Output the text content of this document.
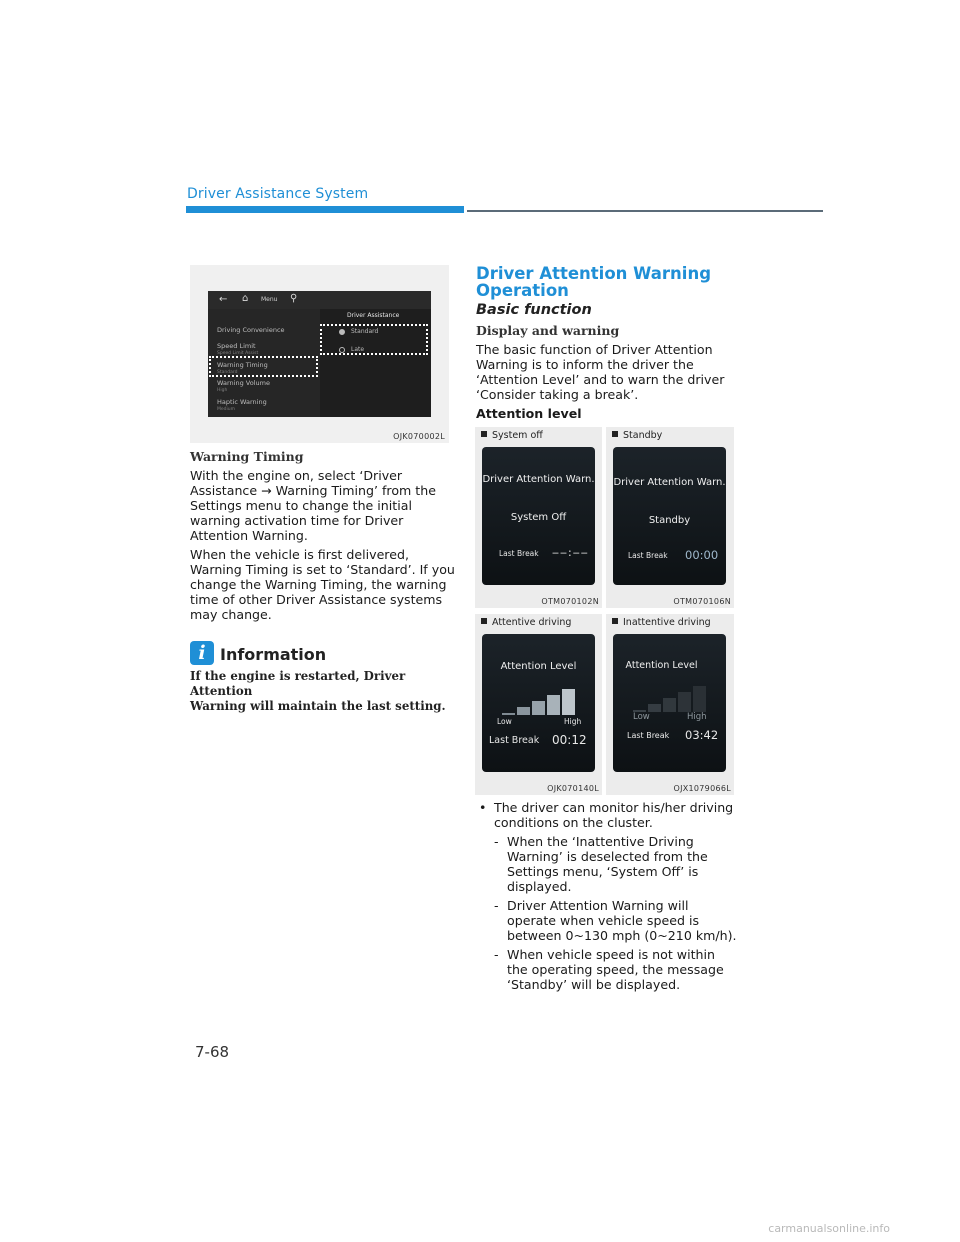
Driver Assistance System
← ⌂ Menu ⚲
Driving Convenience
Speed Limit
Speed Limit Assist
Warning Timing
Standard
Warning Volume
High
Haptic Warning
Medium
Driver Assistance
Standard
Late
OJK070002L
Warning Timing
With the engine on, select ‘Driver
Assistance → Warning Timing’ from the
Settings menu to change the initial
warning activation time for Driver
Attention Warning.
When the vehicle is first delivered,
Warning Timing is set to ‘Standard’. If you
change the Warning Timing, the warning
time of other Driver Assistance systems
may change.
i Information
If the engine is restarted, Driver Attention
Warning will maintain the last setting.
Driver Attention Warning
Operation
Basic function
Display and warning
The basic function of Driver Attention
Warning is to inform the driver the
‘Attention Level’ and to warn the driver
‘Consider taking a break’.
Attention level
System off
Driver Attention Warn.
System Off
Last Break ‒‒:‒‒
OTM070102N
Standby
Driver Attention Warn.
Standby
Last Break 00:00
OTM070106N
Attentive driving
Attention Level
Low	High
Last Break 00:12
OJK070140L
Inattentive driving
Attention Level
Low	High
Last Break 03:42
OJX1079066L
• The driver can monitor his/her driving
conditions on the cluster.
- When the ‘Inattentive Driving
Warning’ is deselected from the
Settings menu, ‘System Off’ is
displayed.
- Driver Attention Warning will
operate when vehicle speed is
between 0~130 mph (0~210 km/h).
- When vehicle speed is not within
the operating speed, the message
‘Standby’ will be displayed.
7-68
carmanualsonline.info
